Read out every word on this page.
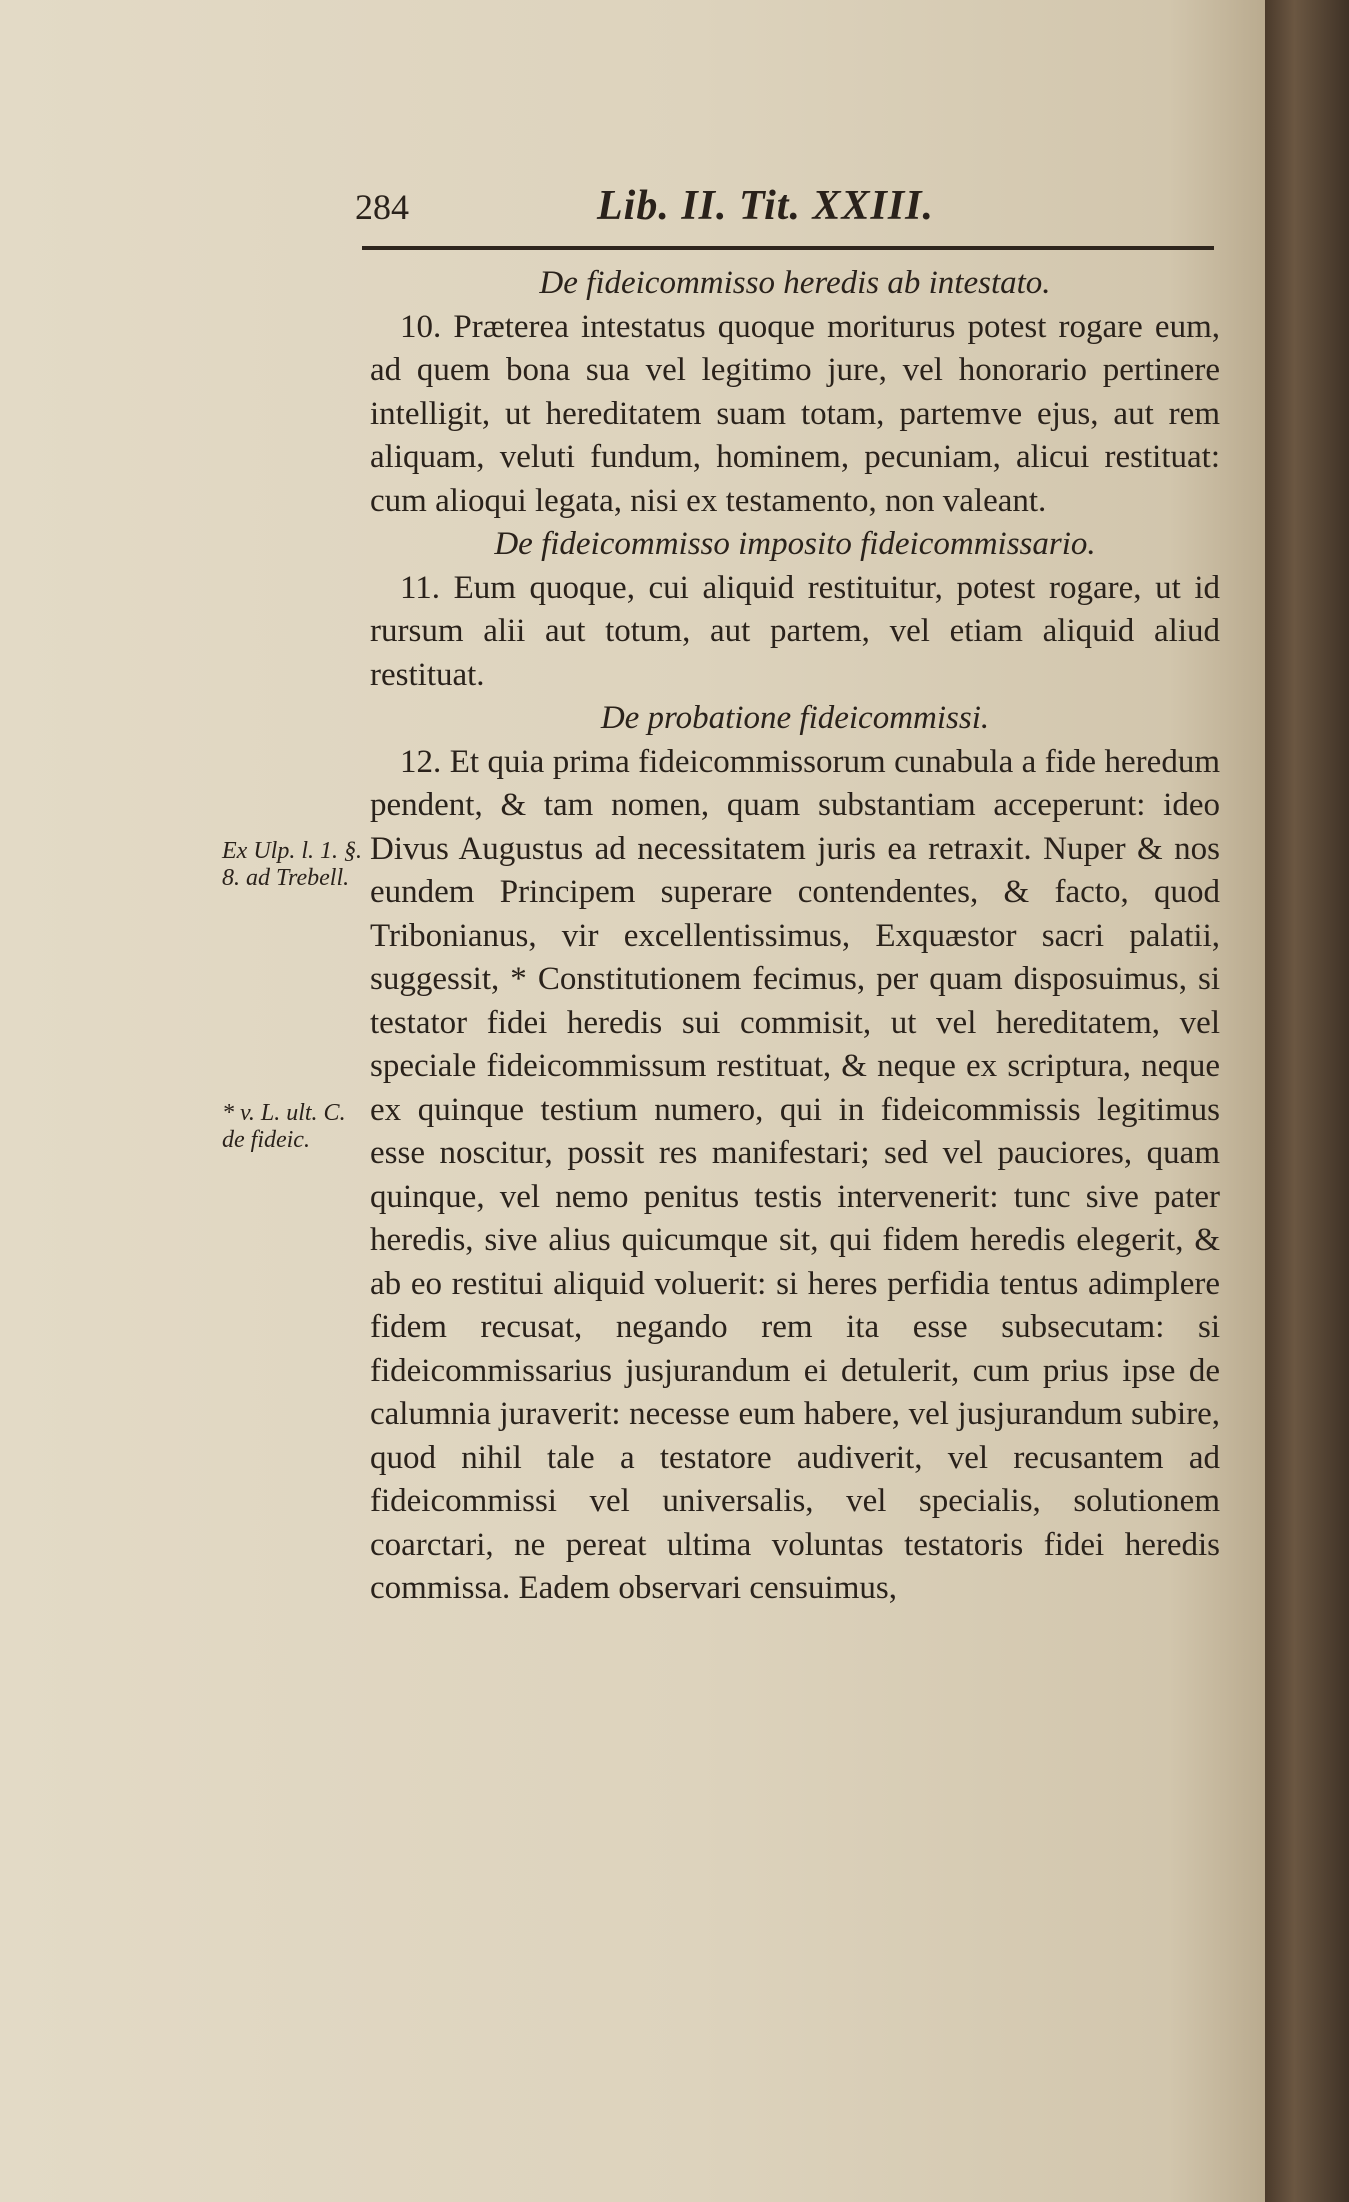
284	Lib. II. Tit. XXIII.

De fideicommisso heredis ab intestato.

10. Præterea intestatus quoque moriturus potest rogare eum, ad quem bona sua vel legitimo jure, vel honorario pertinere intelligit, ut hereditatem suam totam, partemve ejus, aut rem aliquam, veluti fundum, hominem, pecuniam, alicui restituat: cum alioqui legata, nisi ex testamento, non valeant.

De fideicommisso imposito fideicommissario.

11. Eum quoque, cui aliquid restituitur, potest rogare, ut id rursum alii aut totum, aut partem, vel etiam aliquid aliud restituat.

De probatione fideicommissi.

12. Et quia prima fideicommissorum cunabula a fide heredum pendent, & tam nomen, quam substantiam acceperunt: ideo Divus Augustus ad necessitatem juris ea retraxit. Nuper & nos eundem Principem superare contendentes, & facto, quod Tribonianus, vir excellentissimus, Exquæstor sacri palatii, suggessit, * Constitutionem fecimus, per quam disposuimus, si testator fidei heredis sui commisit, ut vel hereditatem, vel speciale fideicommissum restituat, & neque ex scriptura, neque ex quinque testium numero, qui in fideicommissis legitimus esse noscitur, possit res manifestari; sed vel pauciores, quam quinque, vel nemo penitus testis intervenerit: tunc sive pater heredis, sive alius quicumque sit, qui fidem heredis elegerit, & ab eo restitui aliquid voluerit: si heres perfidia tentus adimplere fidem recusat, negando rem ita esse subsecutam: si fideicommissarius jusjurandum ei detulerit, cum prius ipse de calumnia juraverit: necesse eum habere, vel jusjurandum subire, quod nihil tale a testatore audiverit, vel recusantem ad fideicommissi vel universalis, vel specialis, solutionem coarctari, ne pereat ultima voluntas testatoris fidei heredis commissa. Eadem observari censuimus,

Ex Ulp. l. 1. §. 8. ad Trebell.
* v. L. ult. C. de fideic.
